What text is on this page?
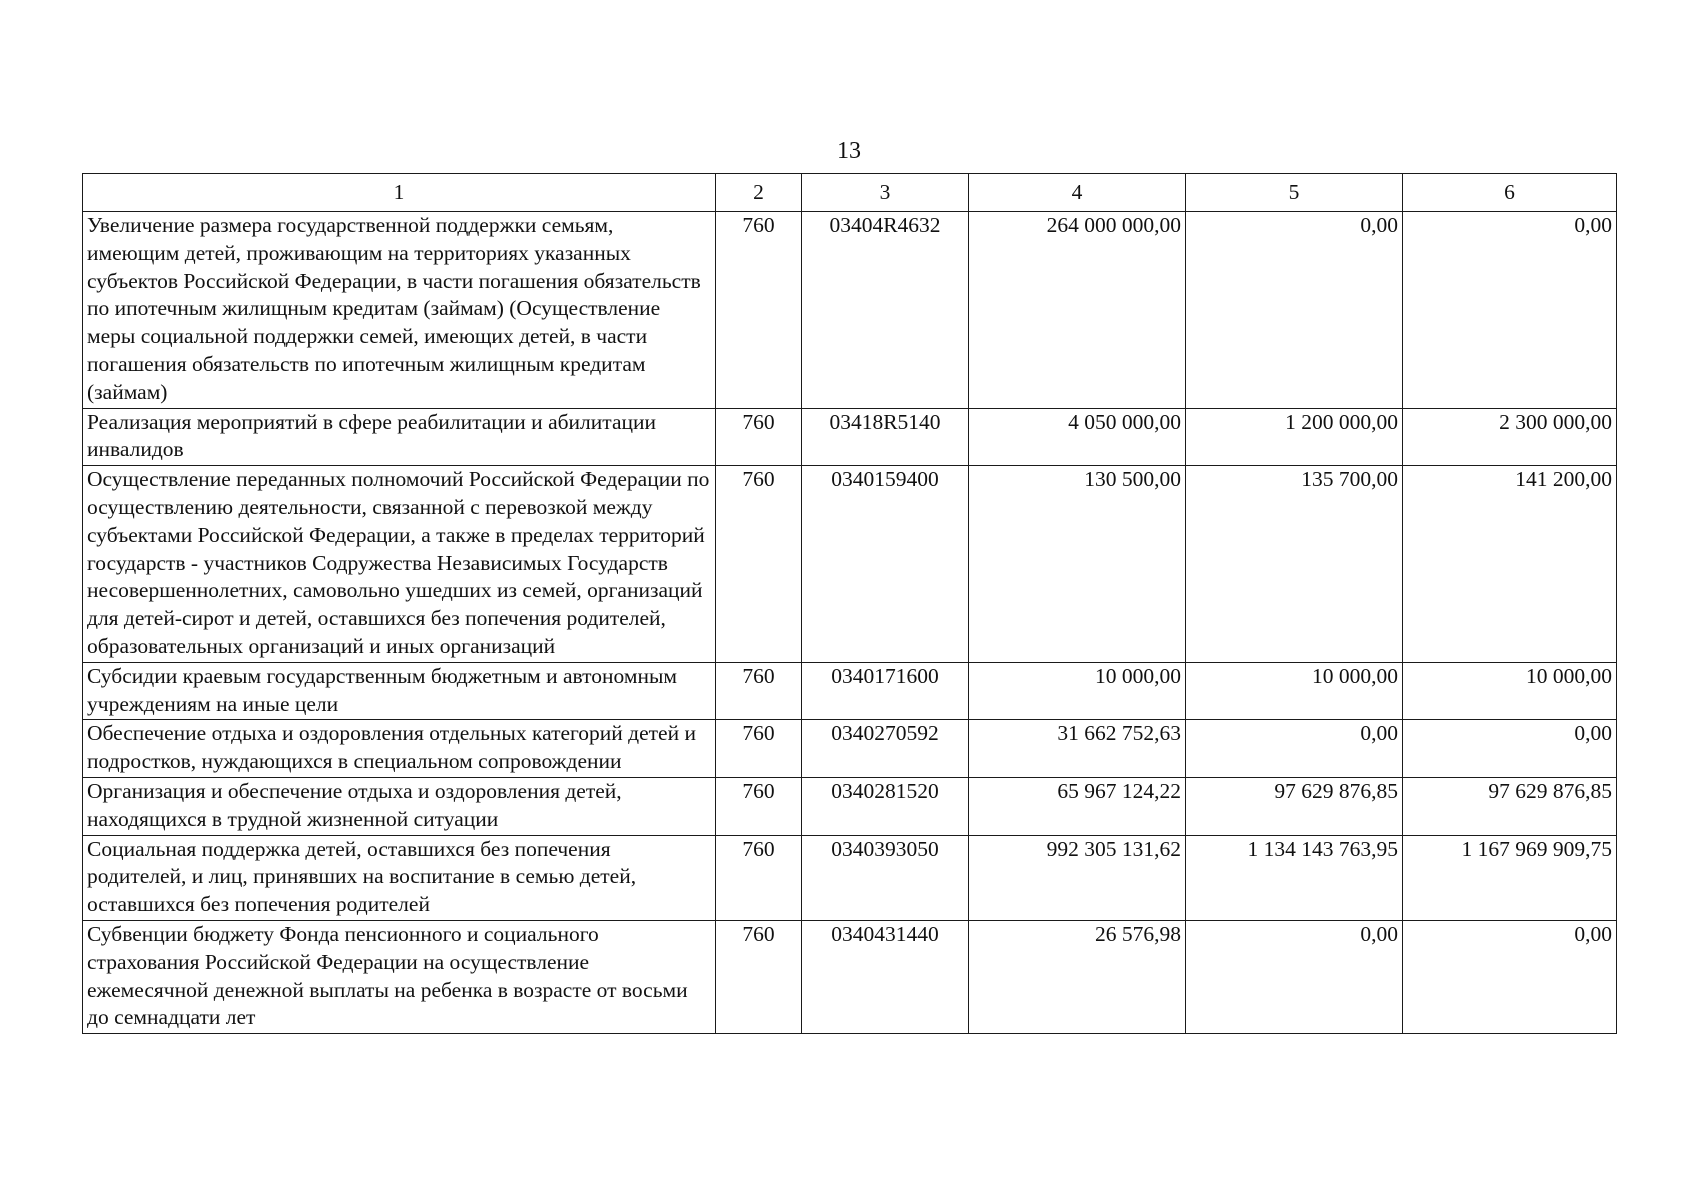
13
1	2	3	4	5	6
Увеличение размера государственной поддержки семьям, имеющим детей, проживающим на территориях указанных субъектов Российской Федерации, в части погашения обязательств по ипотечным жилищным кредитам (займам) (Осуществление меры социальной поддержки семей, имеющих детей, в части погашения обязательств по ипотечным жилищным кредитам (займам)	760	03404R4632	264 000 000,00	0,00	0,00
Реализация мероприятий в сфере реабилитации и абилитации инвалидов	760	03418R5140	4 050 000,00	1 200 000,00	2 300 000,00
Осуществление переданных полномочий Российской Федерации по осуществлению деятельности, связанной с перевозкой между субъектами Российской Федерации, а также в пределах территорий государств - участников Содружества Независимых Государств несовершеннолетних, самовольно ушедших из семей, организаций для детей-сирот и детей, оставшихся без попечения родителей, образовательных организаций и иных организаций	760	0340159400	130 500,00	135 700,00	141 200,00
Субсидии краевым государственным бюджетным и автономным учреждениям на иные цели	760	0340171600	10 000,00	10 000,00	10 000,00
Обеспечение отдыха и оздоровления отдельных категорий детей и подростков, нуждающихся в специальном сопровождении	760	0340270592	31 662 752,63	0,00	0,00
Организация и обеспечение отдыха и оздоровления детей, находящихся в трудной жизненной ситуации	760	0340281520	65 967 124,22	97 629 876,85	97 629 876,85
Социальная поддержка детей, оставшихся без попечения родителей, и лиц, принявших на воспитание в семью детей, оставшихся без попечения родителей	760	0340393050	992 305 131,62	1 134 143 763,95	1 167 969 909,75
Субвенции бюджету Фонда пенсионного и социального страхования Российской Федерации на осуществление ежемесячной денежной выплаты на ребенка в возрасте от восьми до семнадцати лет	760	0340431440	26 576,98	0,00	0,00
